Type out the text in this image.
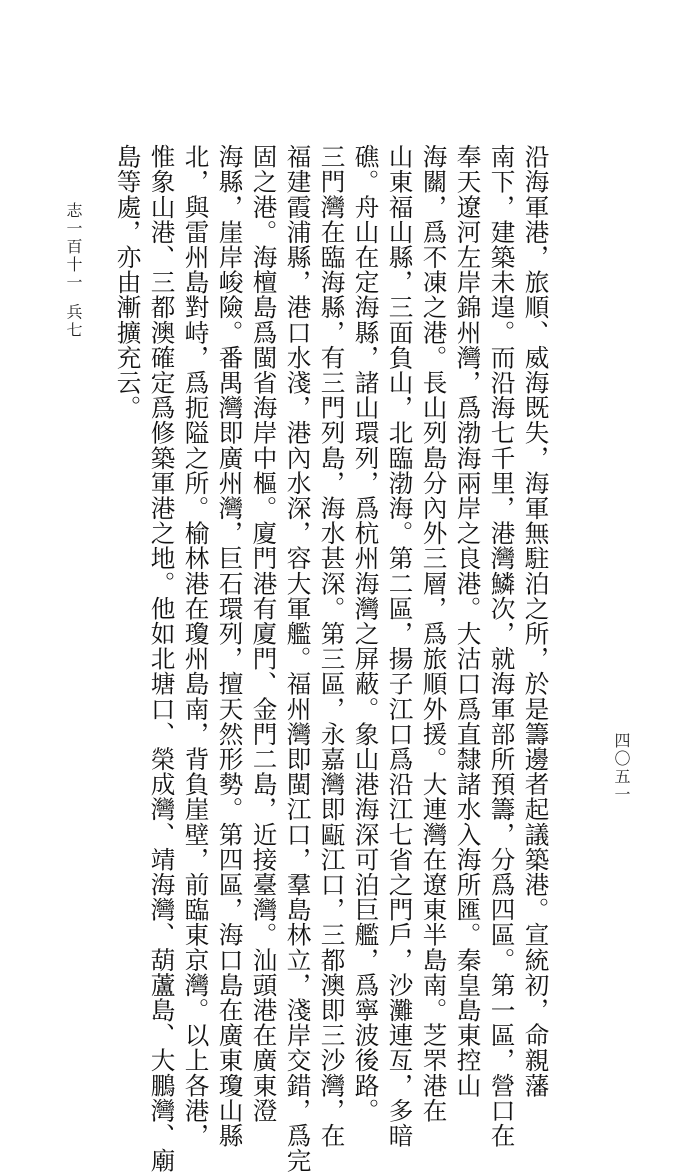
志一百十一兵七	沿海軍港，旅順、威海既失，海軍無駐泊之所，於是籌邊者起議築港。宣統初，命親藩
南下，建築未遑。而沿海七千里，港灣鱗次，就海軍部所預籌，分爲四區。第一區，營口在
奉天遼河左岸錦州灣，爲渤海兩岸之良港。大沽口爲直隸諸水入海所匯。秦皇島東控山
海關，爲不凍之港。長山列島分內外三層，爲旅順外援。大連灣在遼東半島南。芝罘港在
山東福山縣，三面負山，北臨渤海。第二區，揚子江口爲沿江七省之門戶，沙灘連亙，多暗
礁。舟山在定海縣，諸山環列，爲杭州海灣之屏蔽。象山港海深可泊巨艦，爲寧波後路。
三門灣在臨海縣，有三門列島，海水甚深。第三區，永嘉灣即甌江口，三都澳即三沙灣，在
福建霞浦縣，港口水淺，港內水深，容大軍艦。福州灣即閩江口，羣島林立，淺岸交錯，爲完
固之港。海檀島爲閩省海岸中樞。廈門港有廈門、金門二島，近接臺灣。汕頭港在廣東澄
海縣，崖岸峻險。番禺灣即廣州灣，巨石環列，擅天然形勢。第四區，海口島在廣東瓊山縣
北，與雷州島對峙，爲扼隘之所。榆林港在瓊州島南，背負崖壁，前臨東京灣。以上各港，
惟象山港、三都澳確定爲修築軍港之地。他如北塘口、榮成灣、靖海灣、葫蘆島、大鵬灣、廟
島等處，亦由漸擴充云。
四〇五一
